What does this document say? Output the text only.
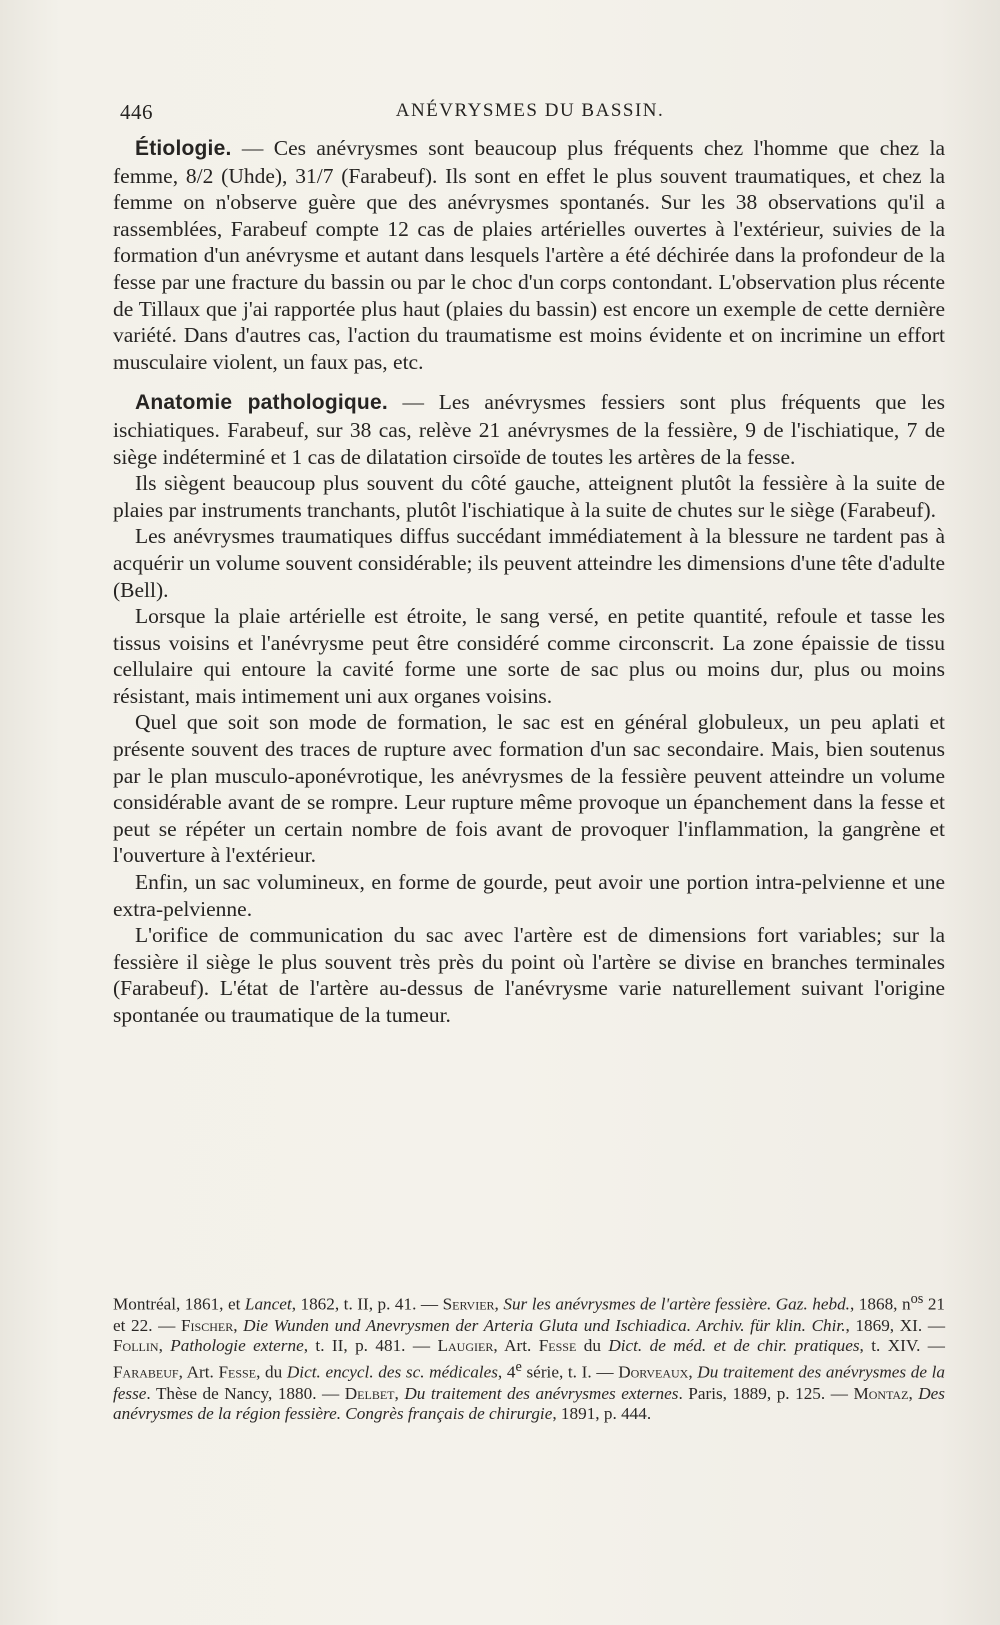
446	ANÉVRYSMES DU BASSIN.

Étiologie. — Ces anévrysmes sont beaucoup plus fréquents chez l'homme que chez la femme, 8/2 (Uhde), 31/7 (Farabeuf). Ils sont en effet le plus souvent traumatiques, et chez la femme on n'observe guère que des anévrysmes spontanés. Sur les 38 observations qu'il a rassemblées, Farabeuf compte 12 cas de plaies artérielles ouvertes à l'extérieur, suivies de la formation d'un anévrysme et autant dans lesquels l'artère a été déchirée dans la profondeur de la fesse par une fracture du bassin ou par le choc d'un corps contondant. L'observation plus récente de Tillaux que j'ai rapportée plus haut (plaies du bassin) est encore un exemple de cette dernière variété. Dans d'autres cas, l'action du traumatisme est moins évidente et on incrimine un effort musculaire violent, un faux pas, etc.

Anatomie pathologique. — Les anévrysmes fessiers sont plus fréquents que les ischiatiques. Farabeuf, sur 38 cas, relève 21 anévrysmes de la fessière, 9 de l'ischiatique, 7 de siège indéterminé et 1 cas de dilatation cirsoïde de toutes les artères de la fesse.

Ils siègent beaucoup plus souvent du côté gauche, atteignent plutôt la fessière à la suite de plaies par instruments tranchants, plutôt l'ischiatique à la suite de chutes sur le siège (Farabeuf).

Les anévrysmes traumatiques diffus succédant immédiatement à la blessure ne tardent pas à acquérir un volume souvent considérable; ils peuvent atteindre les dimensions d'une tête d'adulte (Bell).

Lorsque la plaie artérielle est étroite, le sang versé, en petite quantité, refoule et tasse les tissus voisins et l'anévrysme peut être considéré comme circonscrit. La zone épaissie de tissu cellulaire qui entoure la cavité forme une sorte de sac plus ou moins dur, plus ou moins résistant, mais intimement uni aux organes voisins.

Quel que soit son mode de formation, le sac est en général globuleux, un peu aplati et présente souvent des traces de rupture avec formation d'un sac secondaire. Mais, bien soutenus par le plan musculo-aponévrotique, les anévrysmes de la fessière peuvent atteindre un volume considérable avant de se rompre. Leur rupture même provoque un épanchement dans la fesse et peut se répéter un certain nombre de fois avant de provoquer l'inflammation, la gangrène et l'ouverture à l'extérieur.

Enfin, un sac volumineux, en forme de gourde, peut avoir une portion intra-pelvienne et une extra-pelvienne.

L'orifice de communication du sac avec l'artère est de dimensions fort variables; sur la fessière il siège le plus souvent très près du point où l'artère se divise en branches terminales (Farabeuf). L'état de l'artère au-dessus de l'anévrysme varie naturellement suivant l'origine spontanée ou traumatique de la tumeur.

Montréal, 1861, et Lancet, 1862, t. II, p. 41. — Servier, Sur les anévrysmes de l'artère fessière. Gaz. hebd., 1868, $n^{os}$ 21 et 22. — Fischer, Die Wunden und Anevrysmen der Arteria Gluta und Ischiadica. Archiv. für klin. Chir., 1869, XI. — Follin, Pathologie externe, t. II, p. 481. — Laugier, Art. Fesse du Dict. de méd. et de chir. pratiques, t. XIV. — Farabeuf, Art. Fesse, du Dict. encycl. des sc. médicales, 4e série, t. I. — Dorveaux, Du traitement des anévrysmes de la fesse. Thèse de Nancy, 1880. — Delbet, Du traitement des anévrysmes externes. Paris, 1889, p. 125. — Montaz, Des anévrysmes de la région fessière. Congrès français de chirurgie, 1891, p. 444.
